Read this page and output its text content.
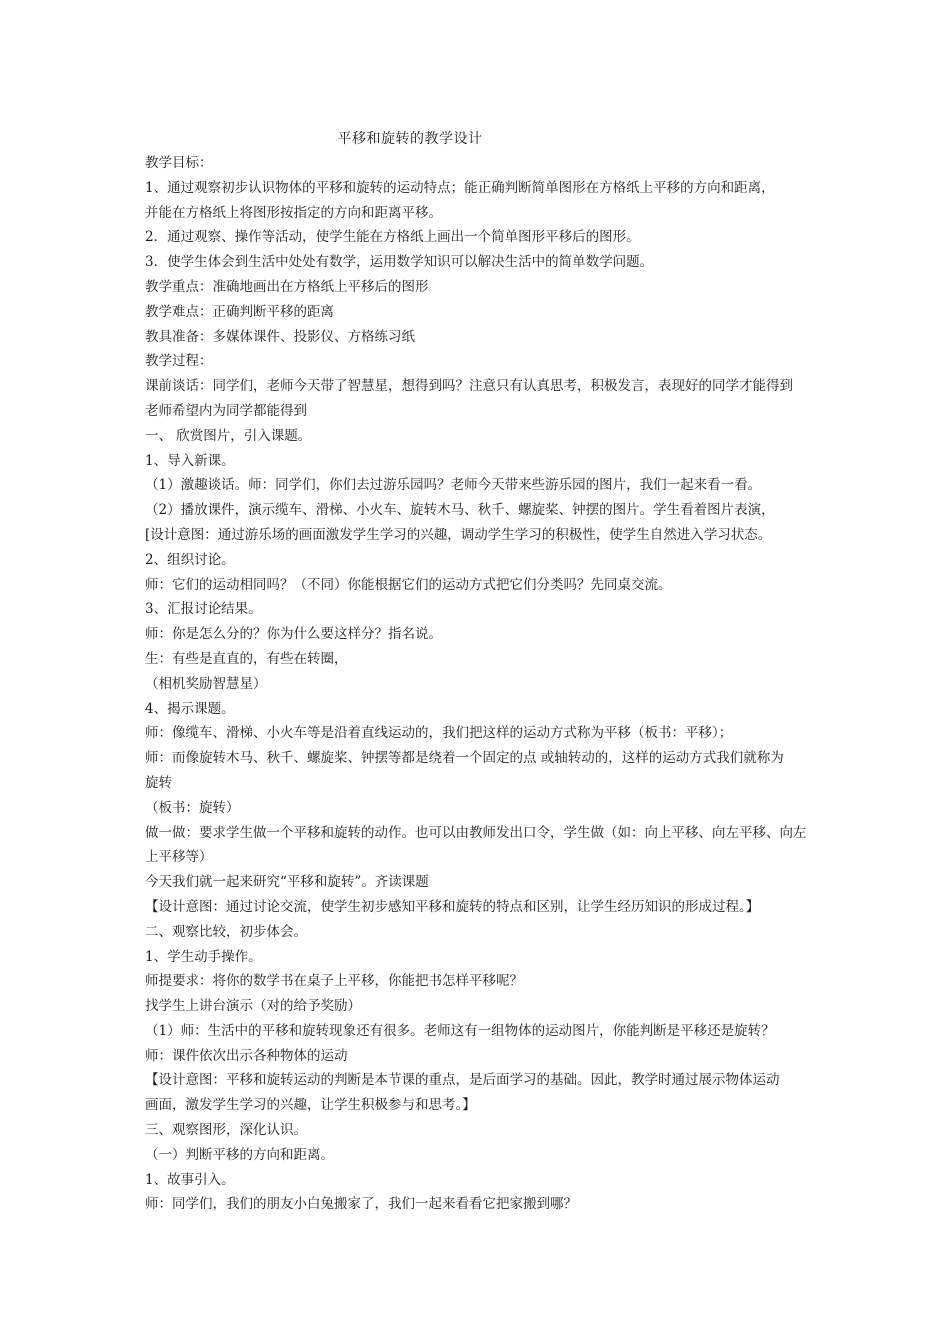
平移和旋转的教学设计
教学目标：
1、通过观察初步认识物体的平移和旋转的运动特点；能正确判断简单图形在方格纸上平移的方向和距离，
并能在方格纸上将图形按指定的方向和距离平移。
2．通过观察、操作等活动，使学生能在方格纸上画出一个简单图形平移后的图形。
3．使学生体会到生活中处处有数学，运用数学知识可以解决生活中的简单数学问题。
教学重点：准确地画出在方格纸上平移后的图形
教学难点：正确判断平移的距离
教具准备：多媒体课件、投影仪、方格练习纸
教学过程：
课前谈话：同学们，老师今天带了智慧星，想得到吗？注意只有认真思考，积极发言，表现好的同学才能得到
老师希望内为同学都能得到
一、 欣赏图片，引入课题。
1、导入新课。
（1）激趣谈话。师：同学们，你们去过游乐园吗？老师今天带来些游乐园的图片，我们一起来看一看。
（2）播放课件，演示缆车、滑梯、小火车、旋转木马、秋千、螺旋桨、钟摆的图片。学生看着图片表演，
[设计意图：通过游乐场的画面激发学生学习的兴趣，调动学生学习的积极性，使学生自然进入学习状态。
2、组织讨论。
师：它们的运动相同吗？（不同）你能根据它们的运动方式把它们分类吗？先同桌交流。
3、汇报讨论结果。
师：你是怎么分的？你为什么要这样分？指名说。
生：有些是直直的，有些在转圈，
（相机奖励智慧星）
4、揭示课题。
师：像缆车、滑梯、小火车等是沿着直线运动的，我们把这样的运动方式称为平移（板书：平移）；
师：而像旋转木马、秋千、螺旋桨、钟摆等都是绕着一个固定的点 或轴转动的，这样的运动方式我们就称为
旋转
（板书：旋转）
做一做：要求学生做一个平移和旋转的动作。也可以由教师发出口令，学生做（如：向上平移、向左平移、向左
上平移等）
今天我们就一起来研究“平移和旋转”。齐读课题
【设计意图：通过讨论交流，使学生初步感知平移和旋转的特点和区别，让学生经历知识的形成过程。】
二、观察比较，初步体会。
1、学生动手操作。
师提要求：将你的数学书在桌子上平移，你能把书怎样平移呢？
找学生上讲台演示（对的给予奖励）
（1）师：生活中的平移和旋转现象还有很多。老师这有一组物体的运动图片，你能判断是平移还是旋转？
师：课件依次出示各种物体的运动
【设计意图：平移和旋转运动的判断是本节课的重点，是后面学习的基础。因此，教学时通过展示物体运动
画面，激发学生学习的兴趣，让学生积极参与和思考。】
三、观察图形，深化认识。
（一）判断平移的方向和距离。
1、故事引入。
师：同学们，我们的朋友小白兔搬家了，我们一起来看看它把家搬到哪？
